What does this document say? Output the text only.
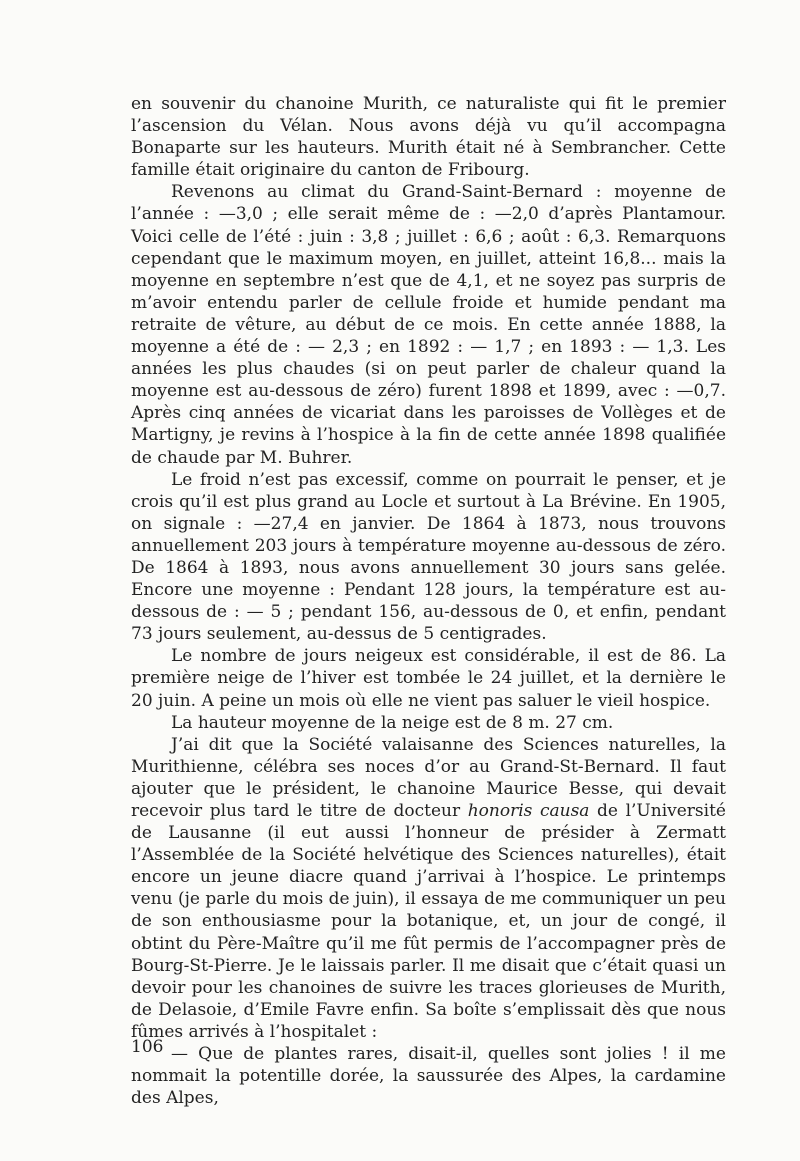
en souvenir du chanoine Murith, ce naturaliste qui fit le premier l’ascension du Vélan. Nous avons déjà vu qu’il accompagna Bonaparte sur les hauteurs. Murith était né à Sembrancher. Cette famille était originaire du canton de Fribourg.

Revenons au climat du Grand-Saint-Bernard : moyenne de l’année : —3,0 ; elle serait même de : —2,0 d’après Plantamour. Voici celle de l’été : juin : 3,8 ; juillet : 6,6 ; août : 6,3. Remarquons cependant que le maximum moyen, en juillet, atteint 16,8... mais la moyenne en septembre n’est que de 4,1, et ne soyez pas surpris de m’avoir entendu parler de cellule froide et humide pendant ma retraite de vêture, au début de ce mois. En cette année 1888, la moyenne a été de : — 2,3 ; en 1892 : — 1,7 ; en 1893 : — 1,3. Les années les plus chaudes (si on peut parler de chaleur quand la moyenne est au-dessous de zéro) furent 1898 et 1899, avec : —0,7. Après cinq années de vicariat dans les paroisses de Vollèges et de Martigny, je revins à l’hospice à la fin de cette année 1898 qualifiée de chaude par M. Buhrer.

Le froid n’est pas excessif, comme on pourrait le penser, et je crois qu’il est plus grand au Locle et surtout à La Brévine. En 1905, on signale : —27,4 en janvier. De 1864 à 1873, nous trouvons annuellement 203 jours à température moyenne au-dessous de zéro. De 1864 à 1893, nous avons annuellement 30 jours sans gelée. Encore une moyenne : Pendant 128 jours, la température est au-dessous de : — 5 ; pendant 156, au-dessous de 0, et enfin, pendant 73 jours seulement, au-dessus de 5 centigrades.

Le nombre de jours neigeux est considérable, il est de 86. La première neige de l’hiver est tombée le 24 juillet, et la dernière le 20 juin. A peine un mois où elle ne vient pas saluer le vieil hospice.

La hauteur moyenne de la neige est de 8 m. 27 cm.

J’ai dit que la Société valaisanne des Sciences naturelles, la Murithienne, célébra ses noces d’or au Grand-St-Bernard. Il faut ajouter que le président, le chanoine Maurice Besse, qui devait recevoir plus tard le titre de docteur honoris causa de l’Université de Lausanne (il eut aussi l’honneur de présider à Zermatt l’Assemblée de la Société helvétique des Sciences naturelles), était encore un jeune diacre quand j’arrivai à l’hospice. Le printemps venu (je parle du mois de juin), il essaya de me communiquer un peu de son enthousiasme pour la botanique, et, un jour de congé, il obtint du Père-Maître qu’il me fût permis de l’accompagner près de Bourg-St-Pierre. Je le laissais parler. Il me disait que c’était quasi un devoir pour les chanoines de suivre les traces glorieuses de Murith, de Delasoie, d’Emile Favre enfin. Sa boîte s’emplissait dès que nous fûmes arrivés à l’hospitalet :

— Que de plantes rares, disait-il, quelles sont jolies ! il me nommait la potentille dorée, la saussurée des Alpes, la cardamine des Alpes,

106
